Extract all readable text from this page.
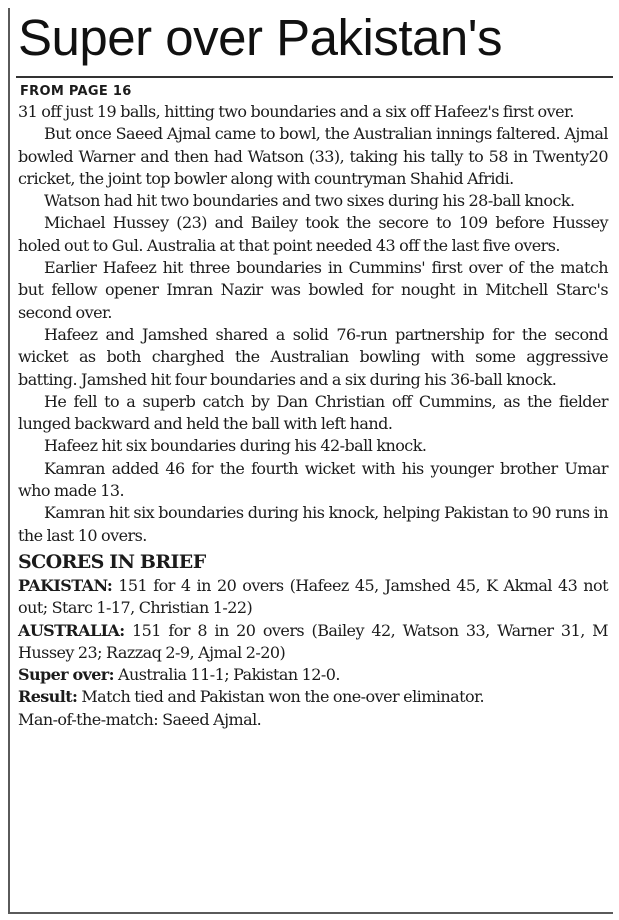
Super over Pakistan's
FROM PAGE 16

31 off just 19 balls, hitting two boundaries and a six off Hafeez's first over.

But once Saeed Ajmal came to bowl, the Australian innings faltered. Ajmal bowled Warner and then had Watson (33), taking his tally to 58 in Twenty20 cricket, the joint top bowler along with countryman Shahid Afridi.

Watson had hit two boundaries and two sixes during his 28-ball knock.

Michael Hussey (23) and Bailey took the secore to 109 before Hussey holed out to Gul. Australia at that point needed 43 off the last five overs.

Earlier Hafeez hit three boundaries in Cummins' first over of the match but fellow opener Imran Nazir was bowled for nought in Mitchell Starc's second over.

Hafeez and Jamshed shared a solid 76-run partnership for the second wicket as both charghed the Australian bowling with some aggressive batting. Jamshed hit four boundaries and a six during his 36-ball knock.

He fell to a superb catch by Dan Christian off Cummins, as the fielder lunged backward and held the ball with left hand.

Hafeez hit six boundaries during his 42-ball knock.

Kamran added 46 for the fourth wicket with his younger brother Umar who made 13.

Kamran hit six boundaries during his knock, helping Pakistan to 90 runs in the last 10 overs.

SCORES IN BRIEF

PAKISTAN: 151 for 4 in 20 overs (Hafeez 45, Jamshed 45, K Akmal 43 not out; Starc 1-17, Christian 1-22)

AUSTRALIA: 151 for 8 in 20 overs (Bailey 42, Watson 33, Warner 31, M Hussey 23; Razzaq 2-9, Ajmal 2-20)

Super over: Australia 11-1; Pakistan 12-0.

Result: Match tied and Pakistan won the one-over eliminator.

Man-of-the-match: Saeed Ajmal.
